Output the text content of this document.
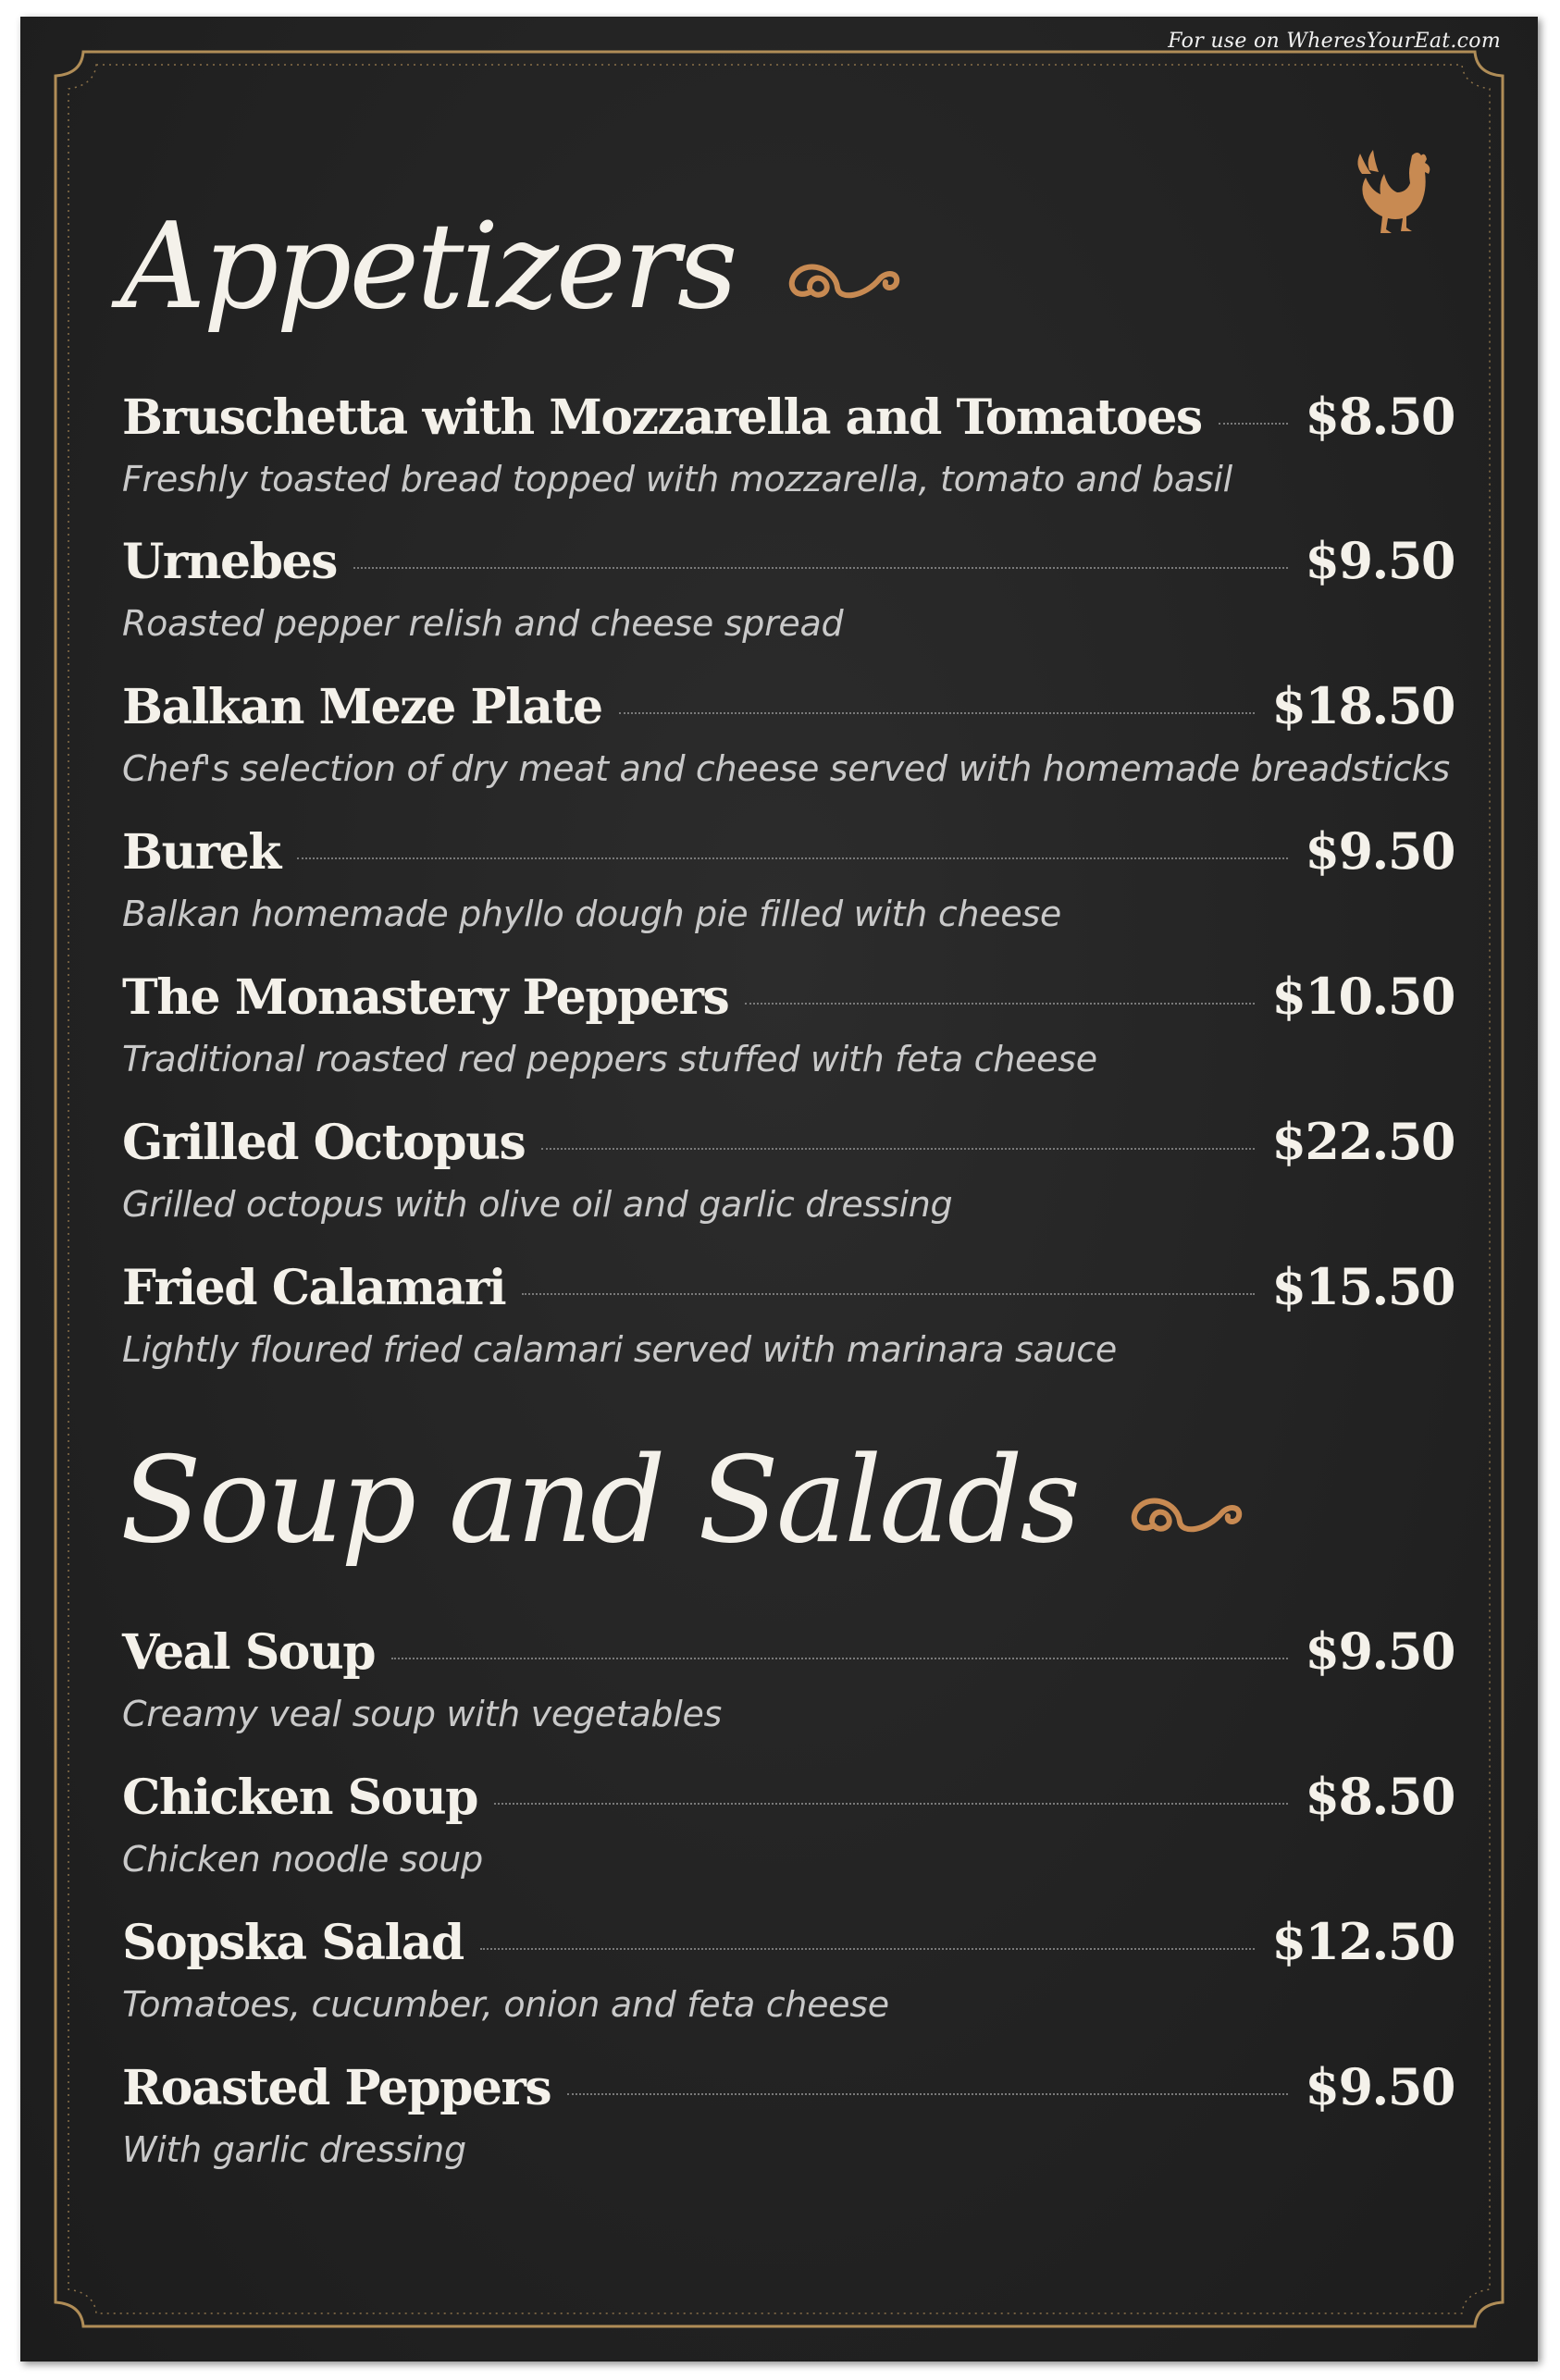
For use on WheresYourEat.com
Appetizers
Bruschetta with Mozzarella and Tomatoes $8.50
Freshly toasted bread topped with mozzarella, tomato and basil
Urnebes	$9.50
Roasted pepper relish and cheese spread
Balkan Meze Plate	$18.50
Chef's selection of dry meat and cheese served with homemade breadsticks
Burek	$9.50
Balkan homemade phyllo dough pie filled with cheese
The Monastery Peppers	$10.50
Traditional roasted red peppers stuffed with feta cheese
Grilled Octopus	$22.50
Grilled octopus with olive oil and garlic dressing
Fried Calamari	$15.50
Lightly floured fried calamari served with marinara sauce
Soup and Salads
Veal Soup	$9.50
Creamy veal soup with vegetables
Chicken Soup	$8.50
Chicken noodle soup
Sopska Salad	$12.50
Tomatoes, cucumber, onion and feta cheese
Roasted Peppers	$9.50
With garlic dressing
